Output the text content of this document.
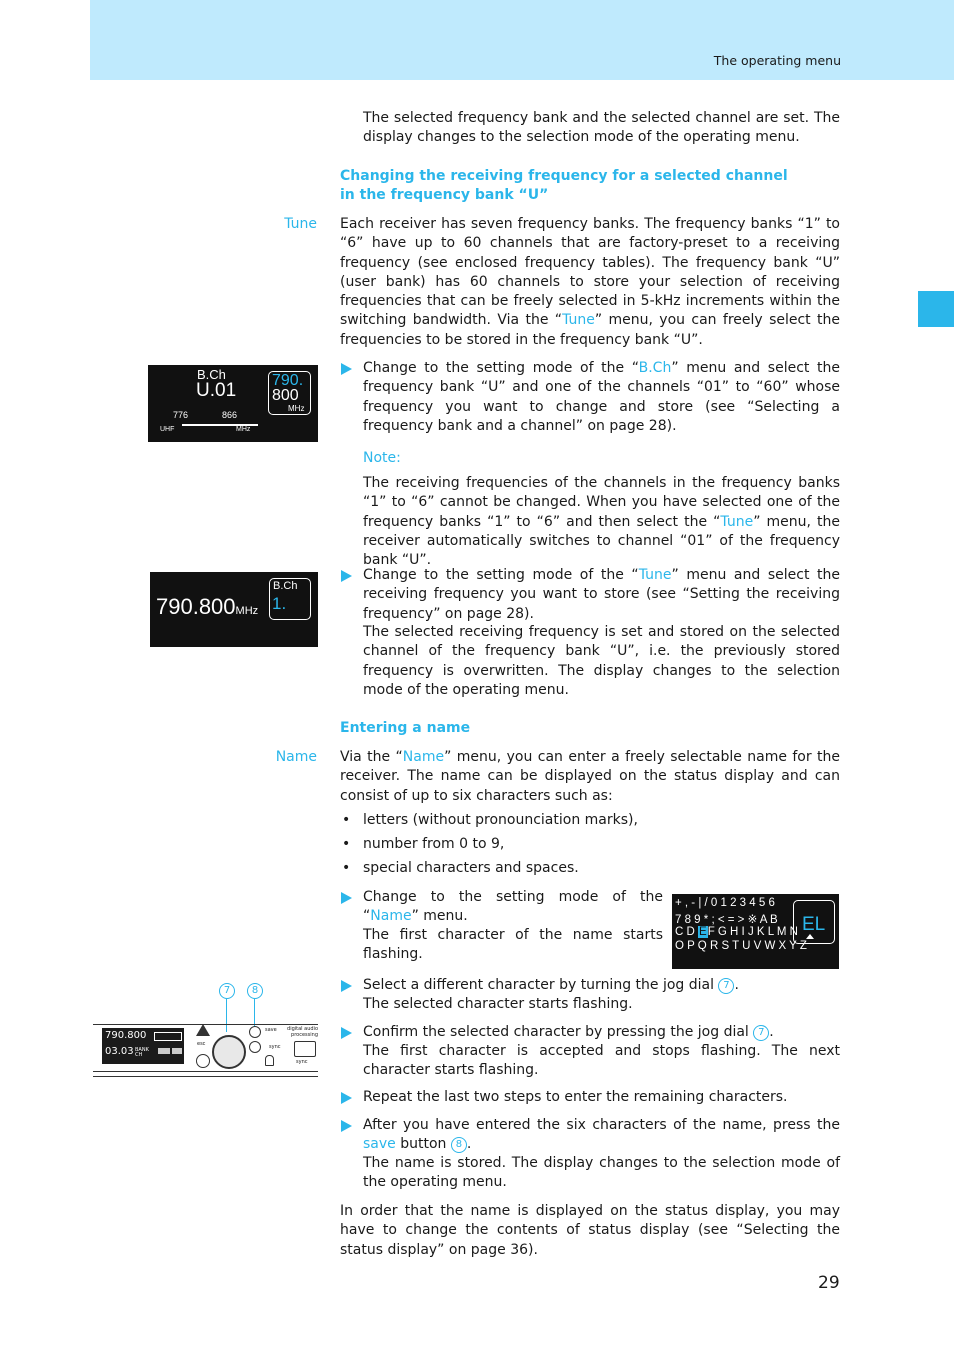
The operating menu

The selected frequency bank and the selected channel are set. The display changes to the selection mode of the operating menu.

Changing the receiving frequency for a selected channel in the frequency bank “U”
Tune Each receiver has seven frequency banks. The frequency banks “1” to “6” have up to 60 channels that are factory-preset to a receiving frequency (see enclosed frequency tables). The frequency bank “U” (user bank) has 60 channels to store your selection of receiving frequencies that can be freely selected in 5-kHz increments within the switching bandwidth. Via the “Tune” menu, you can freely select the frequencies to be stored in the frequency bank “U”.

B.Ch
U.01 790.
800
MHz
776	866
UHF	MHz

Change to the setting mode of the “B.Ch” menu and select the frequency bank “U” and one of the channels “01” to “60” whose frequency you want to change and store (see “Selecting a frequency bank and a channel” on page 28).

Note:

The receiving frequencies of the channels in the frequency banks “1” to “6” cannot be changed. When you have selected one of the frequency banks “1” to “6” and then select the “Tune” menu, the receiver automatically switches to channel “01” of the frequency bank “U”.

790.800MHz
B.Ch
1.

Change to the setting mode of the “Tune” menu and select the receiving frequency you want to store (see “Setting the receiving frequency” on page 28).

The selected receiving frequency is set and stored on the selected channel of the frequency bank “U”, i.e. the previously stored frequency is overwritten. The display changes to the selection mode of the operating menu.

Entering a name
Name Via the “Name” menu, you can enter a freely selectable name for the receiver. The name can be displayed on the status display and can consist of up to six characters such as:

• letters (without pronounciation marks),
• number from 0 to 9,
• special characters and spaces.

Change to the setting mode of the “Name” menu.

The first character of the name starts flashing.

+ , - | / 0 1 2 3 4 5 6
7 8 9 * ; < = > ※ A B
C D EF G H I J K L M N
O P Q R S T U V W X Y Z
EL
7	8
790.800
03.03 BANK CH
esc
save
sync
digital audio processing
sync

Select a different character by turning the jog dial 7 .

The selected character starts flashing.

Confirm the selected character by pressing the jog dial 7 .

The first character is accepted and stops flashing. The next character starts flashing.

Repeat the last two steps to enter the remaining characters.

After you have entered the six characters of the name, press the save button 8 .

The name is stored. The display changes to the selection mode of the operating menu.

In order that the name is displayed on the status display, you may have to change the contents of status display (see “Selecting the status display” on page 36).

29
